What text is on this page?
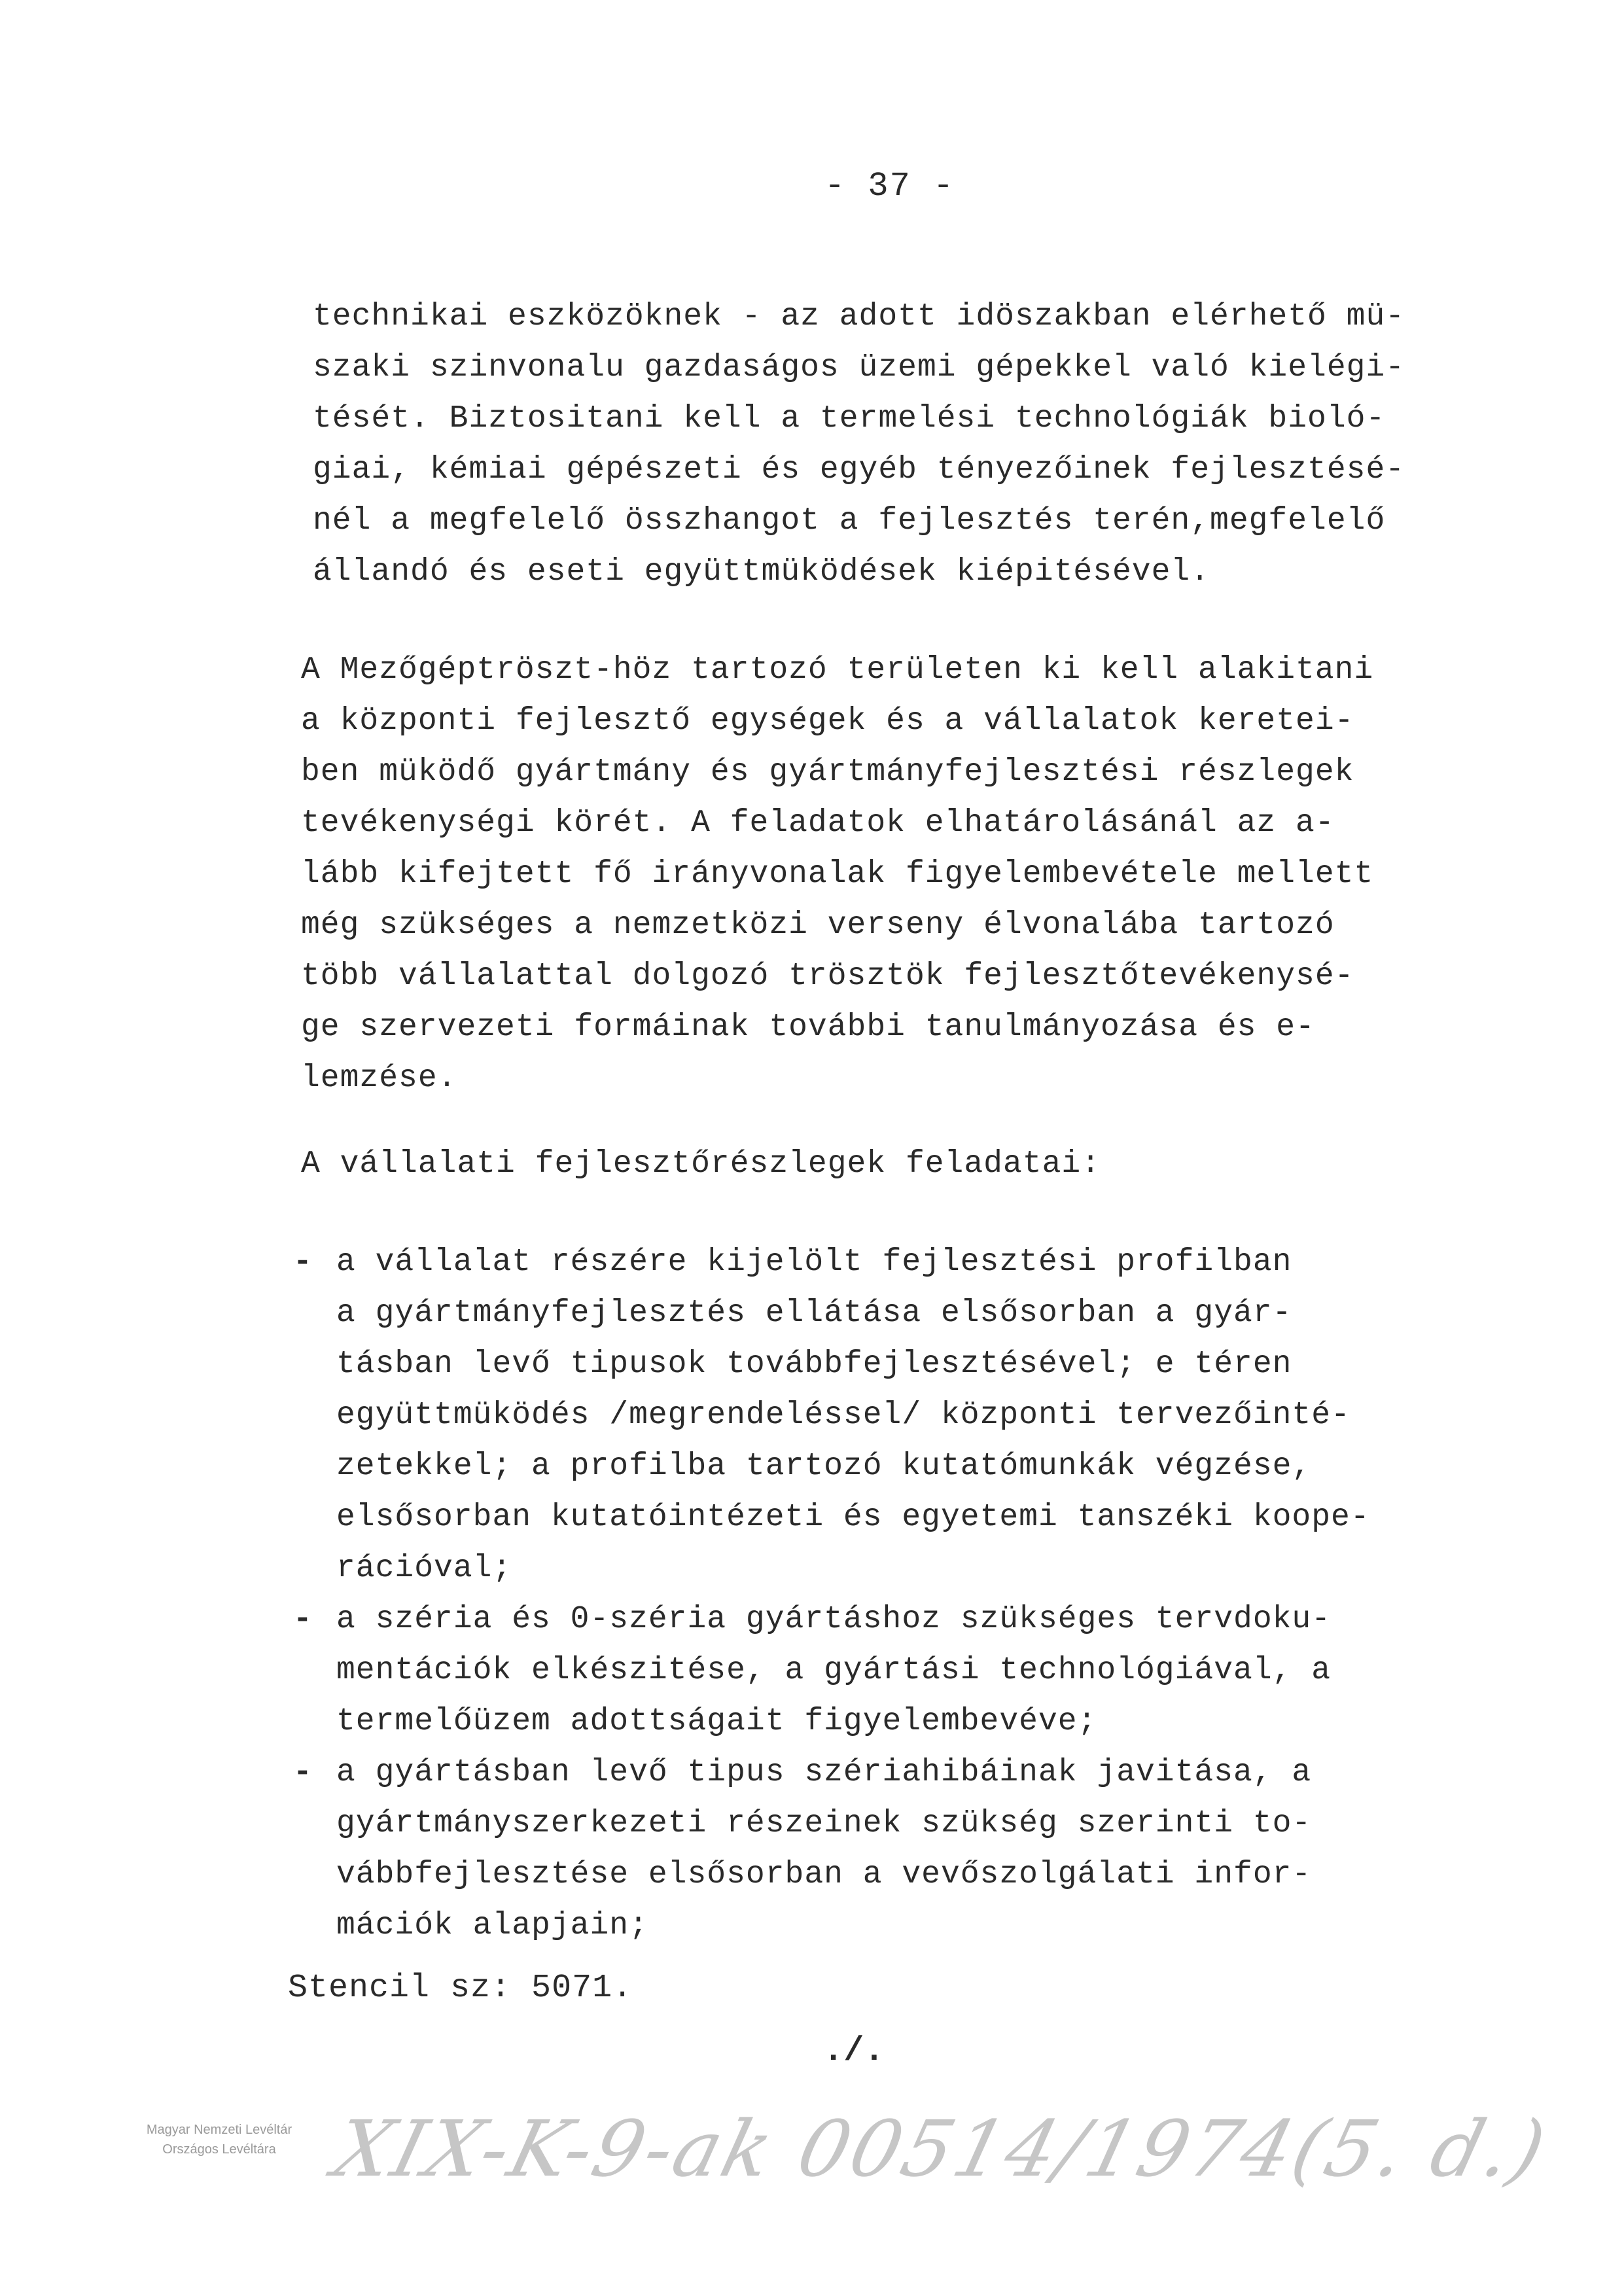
- 37 -
technikai eszközöknek - az adott idöszakban elérhető mü-
szaki szinvonalu gazdaságos üzemi gépekkel való kielégi-
tését. Biztositani kell a termelési technológiák bioló-
giai, kémiai gépészeti és egyéb tényezőinek fejlesztésé-
nél a megfelelő összhangot a fejlesztés terén,megfelelő
állandó és eseti együttmüködések kiépitésével.
A Mezőgéptröszt-höz tartozó területen ki kell alakitani
a központi fejlesztő egységek és a vállalatok keretei-
ben müködő gyártmány és gyártmányfejlesztési részlegek
tevékenységi körét. A feladatok elhatárolásánál az a-
lább kifejtett fő irányvonalak figyelembevétele mellett
még szükséges a nemzetközi verseny élvonalába tartozó
több vállalattal dolgozó trösztök fejlesztőtevékenysé-
ge szervezeti formáinak további tanulmányozása és e-
lemzése.
A vállalati fejlesztőrészlegek feladatai:
- a vállalat részére kijelölt fejlesztési profilban
a gyártmányfejlesztés ellátása elsősorban a gyár-
tásban levő tipusok továbbfejlesztésével; e téren
együttmüködés /megrendeléssel/ központi tervezőinté-
zetekkel; a profilba tartozó kutatómunkák végzése,
elsősorban kutatóintézeti és egyetemi tanszéki koope-
rációval;
- a széria és 0-széria gyártáshoz szükséges tervdoku-
mentációk elkészitése, a gyártási technológiával, a
termelőüzem adottságait figyelembevéve;
- a gyártásban levő tipus szériahibáinak javitása, a
gyártmányszerkezeti részeinek szükség szerinti to-
vábbfejlesztése elsősorban a vevőszolgálati infor-
mációk alapjain;
Stencil sz: 5071.
./.
Magyar Nemzeti Levéltár
Országos Levéltára XIX-K-9-ak 00514/1974(5. d.)
